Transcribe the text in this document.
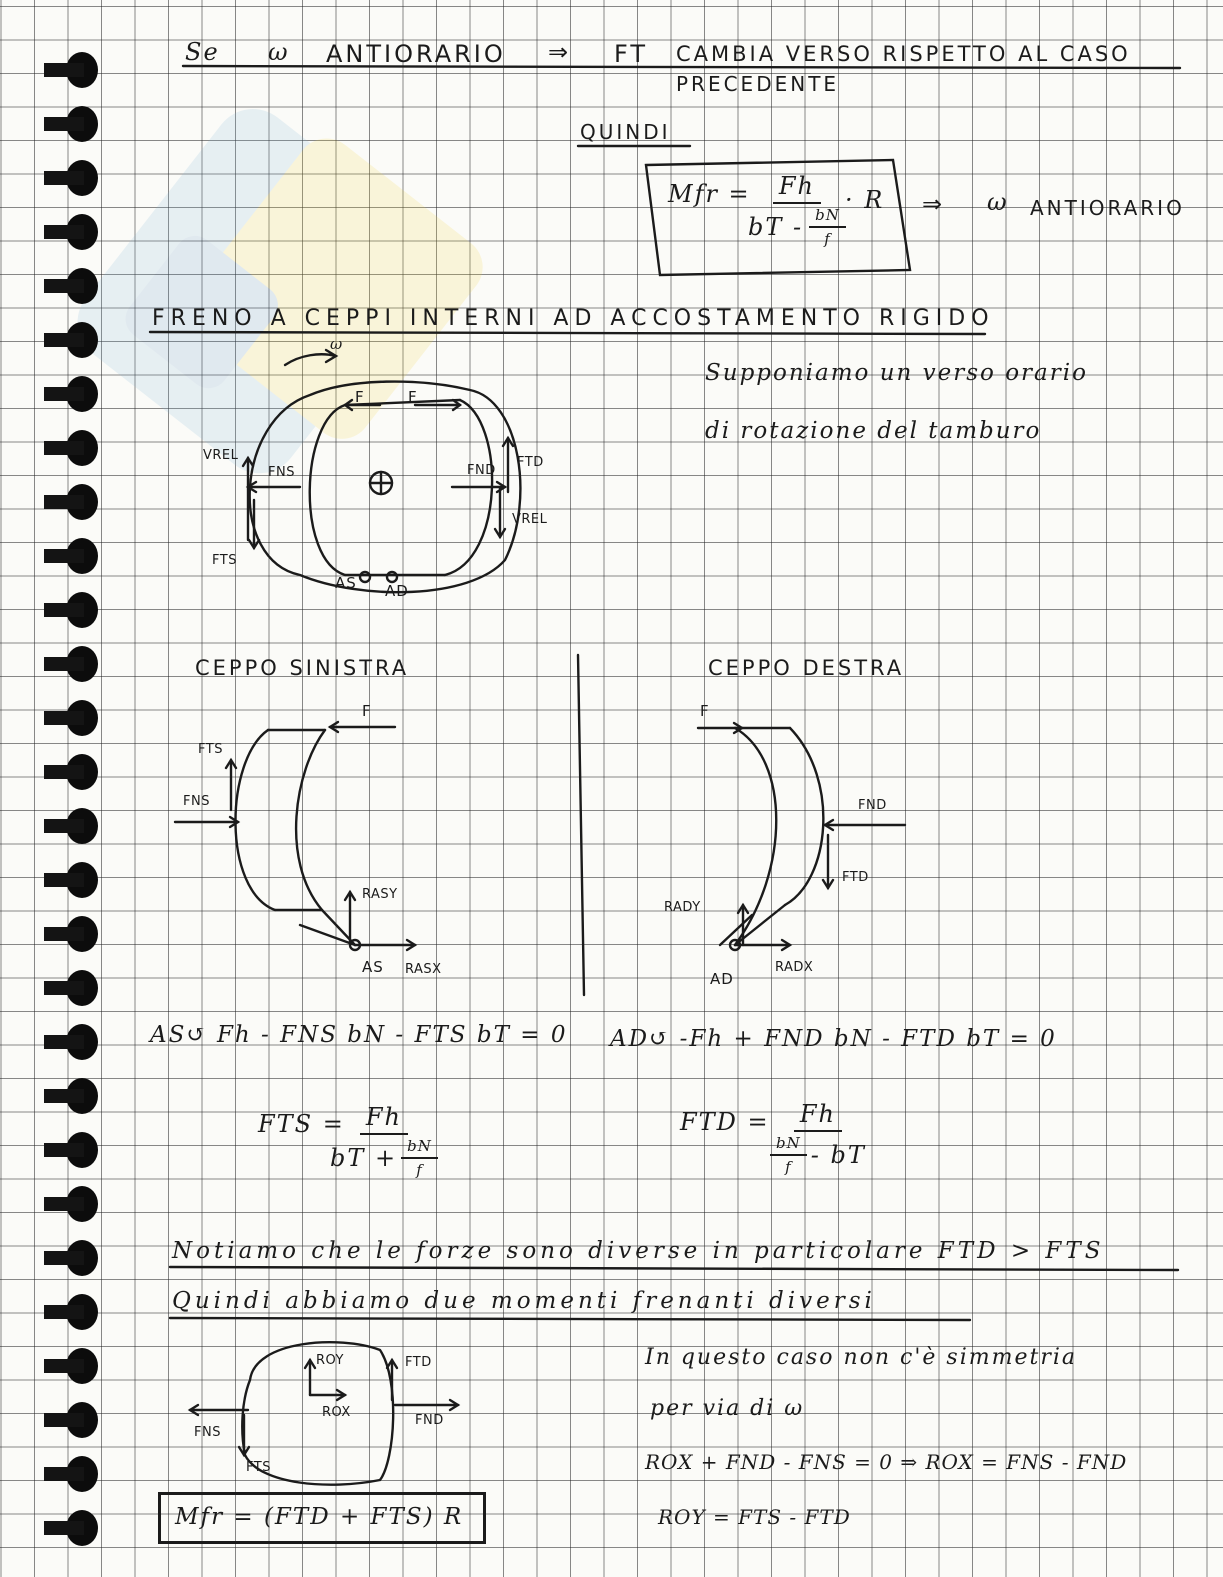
Se ω ANTIORARIO ⇒ FT CAMBIA VERSO RISPETTO AL CASO
PRECEDENTE
QUINDI
Mfr = Fh
bT - $\frac{bN}{f}$
· R ⇒ ω ANTIORARIO
FRENO A CEPPI INTERNI AD ACCOSTAMENTO RIGIDO
Supponiamo un verso orario
di rotazione del tamburo
ω
F	F
VREL
FNS	FND
FTD
VREL
FTS
AS AD
CEPPO SINISTRA
F
FTS
FNS
RASY
AS RASX
CEPPO DESTRA
F
FND
FTD
RADY
AD
RADX
AS↺ Fh - FNS bN - FTS bT = 0 AD↺ -Fh + FND bN - FTD bT = 0
FTS = Fh
bT + $\frac{bN}{f}$
FTD = Fh
$\frac{bN}{f}$ - bT
Notiamo che le forze sono diverse in particolare FTD > FTS
Quindi abbiamo due momenti frenanti diversi
In questo caso non c'è simmetria
per via di ω
ROX + FND - FNS = 0 ⇒ ROX = FNS - FND
ROY = FTS - FTD
ROY	FTD
ROX
FND
FNS
FTS
Mfr = (FTD + FTS) R
